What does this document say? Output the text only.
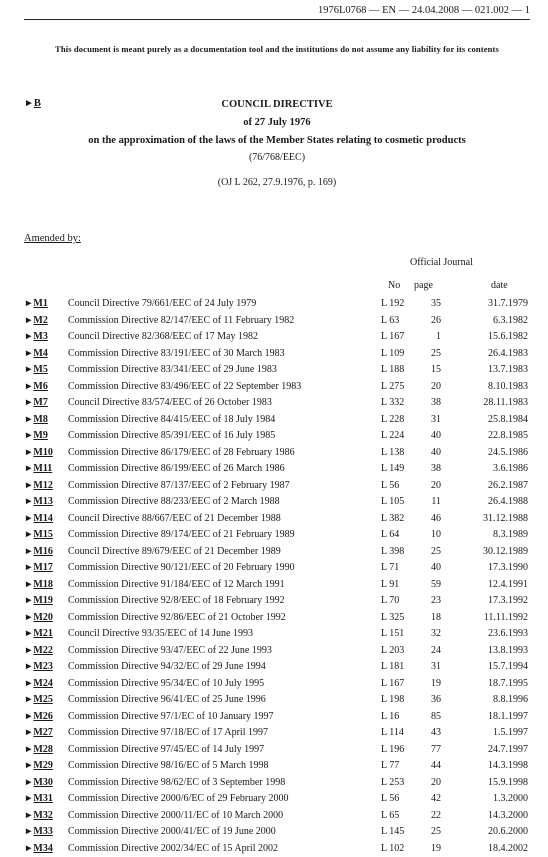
1976L0768 — EN — 24.04.2008 — 021.002 — 1
This document is meant purely as a documentation tool and the institutions do not assume any liability for its contents
►B	COUNCIL DIRECTIVE
of 27 July 1976
on the approximation of the laws of the Member States relating to cosmetic products
(76/768/EEC)
(OJ L 262, 27.9.1976, p. 169)
Amended by:
Official Journal
No page	date
►M1 Council Directive 79/661/EEC of 24 July 1979	L 192	35	31.7.1979
►M2 Commission Directive 82/147/EEC of 11 February 1982	L 63	26	6.3.1982
►M3 Council Directive 82/368/EEC of 17 May 1982	L 167	1	15.6.1982
►M4 Commission Directive 83/191/EEC of 30 March 1983	L 109	25	26.4.1983
►M5 Commission Directive 83/341/EEC of 29 June 1983	L 188	15	13.7.1983
►M6 Commission Directive 83/496/EEC of 22 September 1983	L 275	20	8.10.1983
►M7 Council Directive 83/574/EEC of 26 October 1983	L 332	38	28.11.1983
►M8 Commission Directive 84/415/EEC of 18 July 1984	L 228	31	25.8.1984
►M9 Commission Directive 85/391/EEC of 16 July 1985	L 224	40	22.8.1985
►M10 Commission Directive 86/179/EEC of 28 February 1986	L 138	40	24.5.1986
►M11 Commission Directive 86/199/EEC of 26 March 1986	L 149	38	3.6.1986
►M12 Commission Directive 87/137/EEC of 2 February 1987	L 56	20	26.2.1987
►M13 Commission Directive 88/233/EEC of 2 March 1988	L 105	11	26.4.1988
►M14 Council Directive 88/667/EEC of 21 December 1988	L 382	46	31.12.1988
►M15 Commission Directive 89/174/EEC of 21 February 1989	L 64	10	8.3.1989
►M16 Council Directive 89/679/EEC of 21 December 1989	L 398	25	30.12.1989
►M17 Commission Directive 90/121/EEC of 20 February 1990	L 71	40	17.3.1990
►M18 Commission Directive 91/184/EEC of 12 March 1991	L 91	59	12.4.1991
►M19 Commission Directive 92/8/EEC of 18 February 1992	L 70	23	17.3.1992
►M20 Commission Directive 92/86/EEC of 21 October 1992	L 325	18	11.11.1992
►M21 Council Directive 93/35/EEC of 14 June 1993	L 151	32	23.6.1993
►M22 Commission Directive 93/47/EEC of 22 June 1993	L 203	24	13.8.1993
►M23 Commission Directive 94/32/EC of 29 June 1994	L 181	31	15.7.1994
►M24 Commission Directive 95/34/EC of 10 July 1995	L 167	19	18.7.1995
►M25 Commission Directive 96/41/EC of 25 June 1996	L 198	36	8.8.1996
►M26 Commission Directive 97/1/EC of 10 January 1997	L 16	85	18.1.1997
►M27 Commission Directive 97/18/EC of 17 April 1997	L 114	43	1.5.1997
►M28 Commission Directive 97/45/EC of 14 July 1997	L 196	77	24.7.1997
►M29 Commission Directive 98/16/EC of 5 March 1998	L 77	44	14.3.1998
►M30 Commission Directive 98/62/EC of 3 September 1998	L 253	20	15.9.1998
►M31 Commission Directive 2000/6/EC of 29 February 2000	L 56	42	1.3.2000
►M32 Commission Directive 2000/11/EC of 10 March 2000	L 65	22	14.3.2000
►M33 Commission Directive 2000/41/EC of 19 June 2000	L 145	25	20.6.2000
►M34 Commission Directive 2002/34/EC of 15 April 2002	L 102	19	18.4.2002
